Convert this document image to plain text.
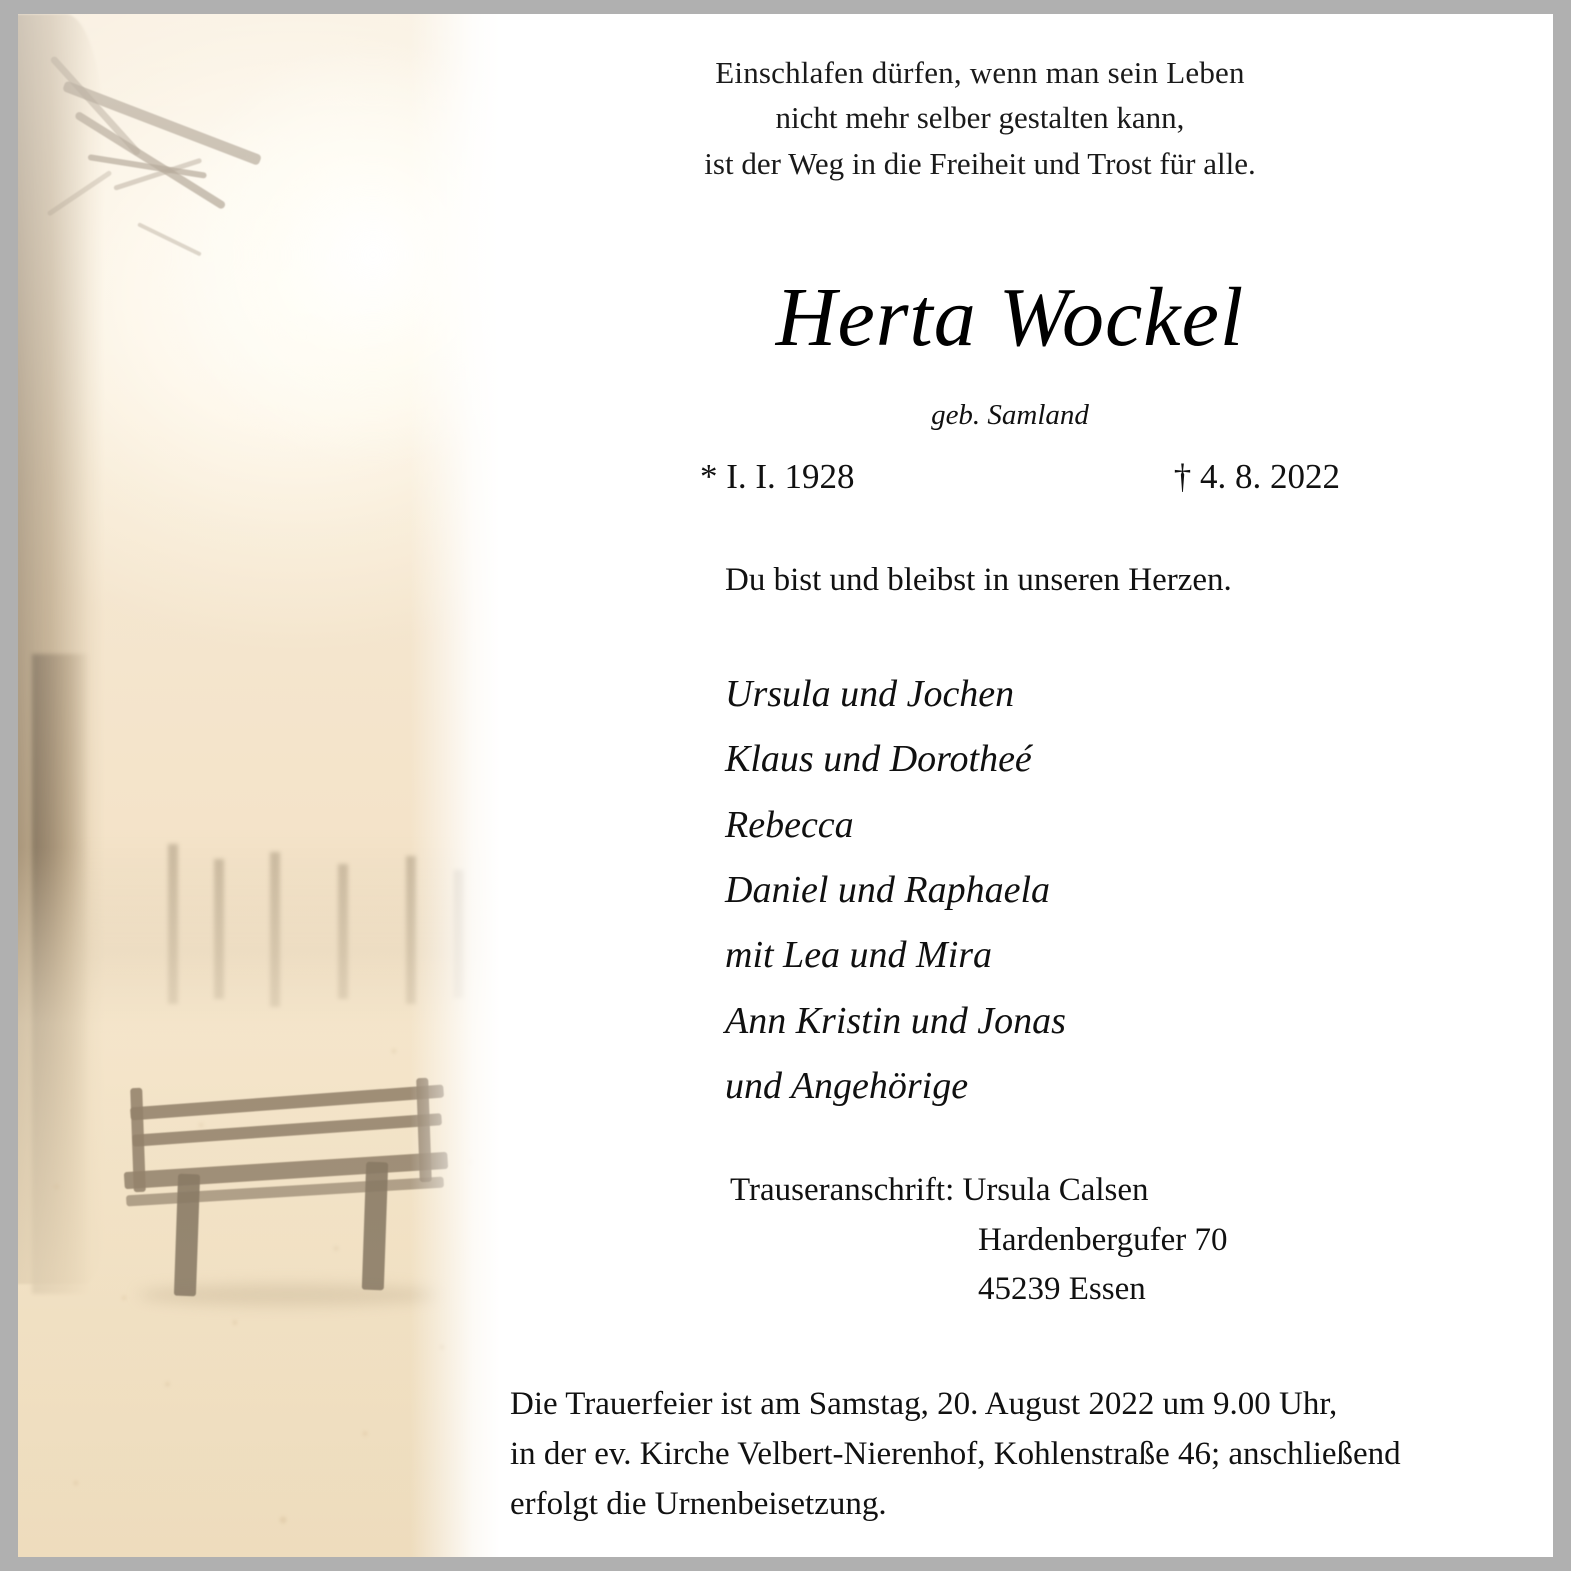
Einschlafen dürfen, wenn man sein Leben
nicht mehr selber gestalten kann,
ist der Weg in die Freiheit und Trost für alle.
Herta Wockel
geb. Samland
* I. I. 1928	† 4. 8. 2022
Du bist und bleibst in unseren Herzen.
Ursula und Jochen
Klaus und Dorotheé
Rebecca
Daniel und Raphaela
mit Lea und Mira
Ann Kristin und Jonas
und Angehörige
Trauseranschrift: Ursula Calsen
Hardenbergufer 70
45239 Essen
Die Trauerfeier ist am Samstag, 20. August 2022 um 9.00 Uhr,
in der ev. Kirche Velbert-Nierenhof, Kohlenstraße 46; anschließend
erfolgt die Urnenbeisetzung.
